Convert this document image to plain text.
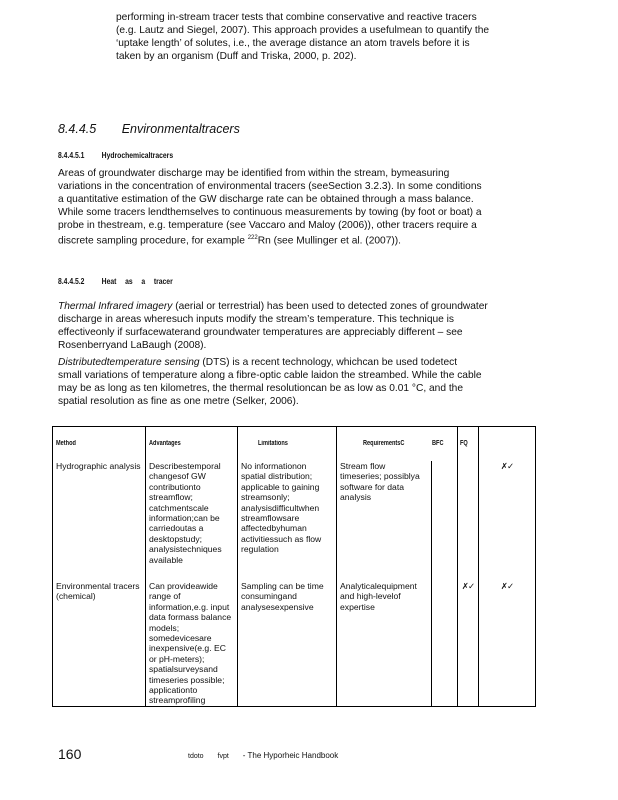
performing in-stream tracer tests that combine conservative and reactive tracers
(e.g. Lautz and Siegel, 2007). This approach provides a usefulmean to quantify the
‘uptake length’ of solutes, i.e., the average distance an atom travels before it is
taken by an organism (Duff and Triska, 2000, p. 202).
8.4.4.5 Environmentaltracers
8.4.4.5.1 Hydrochemicaltracers
Areas of groundwater discharge may be identified from within the stream, bymeasuring
variations in the concentration of environmental tracers (seeSection 3.2.3). In some conditions
a quantitative estimation of the GW discharge rate can be obtained through a mass balance.
While some tracers lendthemselves to continuous measurements by towing (by foot or boat) a
probe in thestream, e.g. temperature (see Vaccaro and Maloy (2006)), other tracers require a
discrete sampling procedure, for example $^{222}$Rn (see Mullinger et al. (2007)).
8.4.4.5.2 Heat as a tracer
Thermal Infrared imagery (aerial or terrestrial) has been used to detected zones of groundwater
discharge in areas wheresuch inputs modify the stream’s temperature. This technique is
effectiveonly if surfacewaterand groundwater temperatures are appreciably different – see
Rosenberryand LaBaugh (2008).
Distributedtemperature sensing (DTS) is a recent technology, whichcan be used todetect
small variations of temperature along a fibre-optic cable laidon the streambed. While the cable
may be as long as ten kilometres, the thermal resolutioncan be as low as 0.01 °C, and the
spatial resolution as fine as one metre (Selker, 2006).
Method	Advantages	Limitations	RequirementsC	BFC	FQ	
Hydrographic analysis	Describestemporal changesof GW contributionto streamflow; catchmentscale information;can be carriedoutas a desktopstudy; analysistechniques available	No informationon spatial distribution; applicable to gaining streamsonly; analysisdifficultwhen streamflowsare affectedbyhuman activitiessuch as flow regulation	Stream flow timeseries; possiblya software for data analysis			✗✓
Environmental tracers (chemical)	Can provideawide range of information,e.g. input data formass balance models; somedevicesare inexpensive(e.g. EC or pH-meters); spatialsurveysand timeseries possible; applicationto streamprofiling	Sampling can be time consumingand analysesexpensive	Analyticalequipment and high-levelof expertise		✗✓	✗✓
160	tdoto fvpt - The Hyporheic Handbook
